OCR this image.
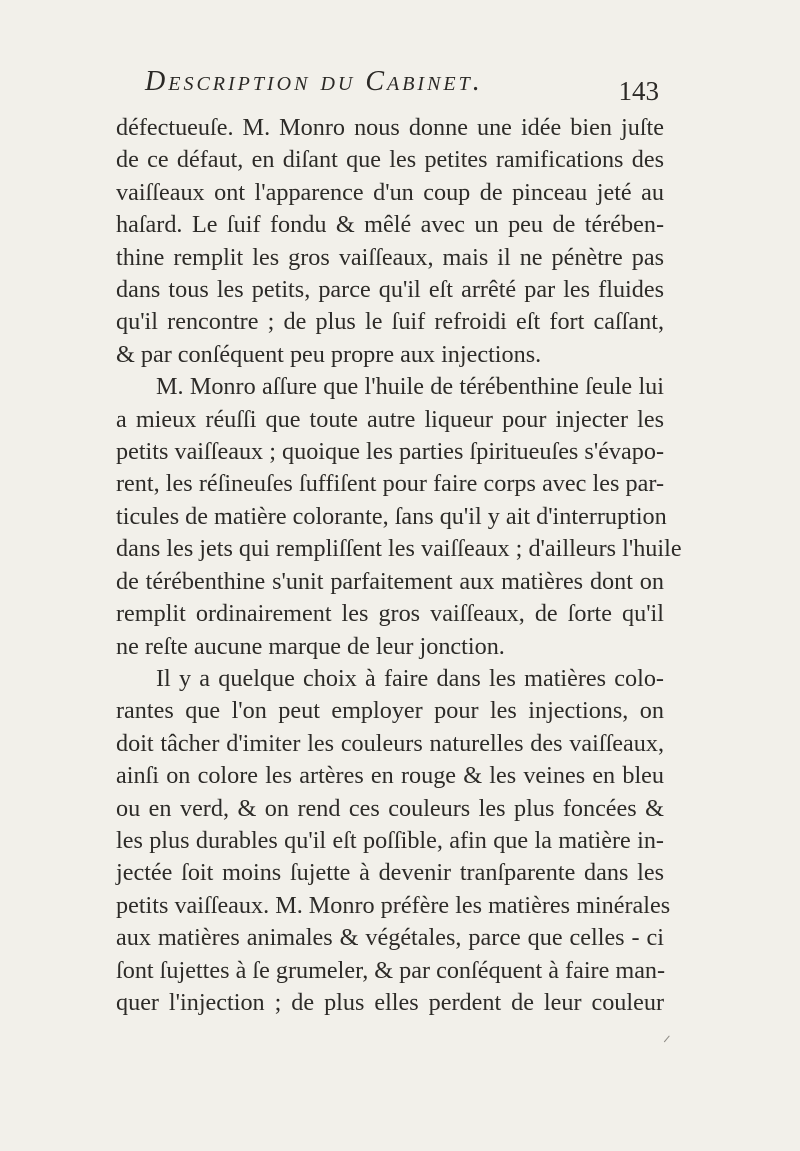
Description du Cabinet.	143

défectueuſe. M. Monro nous donne une idée bien juſte
de ce défaut, en diſant que les petites ramifications des
vaiſſeaux ont l'apparence d'un coup de pinceau jeté au
haſard. Le ſuif fondu & mêlé avec un peu de térében-
thine remplit les gros vaiſſeaux, mais il ne pénètre pas
dans tous les petits, parce qu'il eſt arrêté par les fluides
qu'il rencontre ; de plus le ſuif refroidi eſt fort caſſant,
& par conſéquent peu propre aux injections.

M. Monro aſſure que l'huile de térébenthine ſeule lui
a mieux réuſſi que toute autre liqueur pour injecter les
petits vaiſſeaux ; quoique les parties ſpiritueuſes s'évapo-
rent, les réſineuſes ſuffiſent pour faire corps avec les par-
ticules de matière colorante, ſans qu'il y ait d'interruption
dans les jets qui rempliſſent les vaiſſeaux ; d'ailleurs l'huile
de térébenthine s'unit parfaitement aux matières dont on
remplit ordinairement les gros vaiſſeaux, de ſorte qu'il
ne reſte aucune marque de leur jonction.

Il y a quelque choix à faire dans les matières colo-
rantes que l'on peut employer pour les injections, on
doit tâcher d'imiter les couleurs naturelles des vaiſſeaux,
ainſi on colore les artères en rouge & les veines en bleu
ou en verd, & on rend ces couleurs les plus foncées &
les plus durables qu'il eſt poſſible, afin que la matière in-
jectée ſoit moins ſujette à devenir tranſparente dans les
petits vaiſſeaux. M. Monro préfère les matières minérales
aux matières animales & végétales, parce que celles - ci
ſont ſujettes à ſe grumeler, & par conſéquent à faire man-
quer l'injection ; de plus elles perdent de leur couleur
